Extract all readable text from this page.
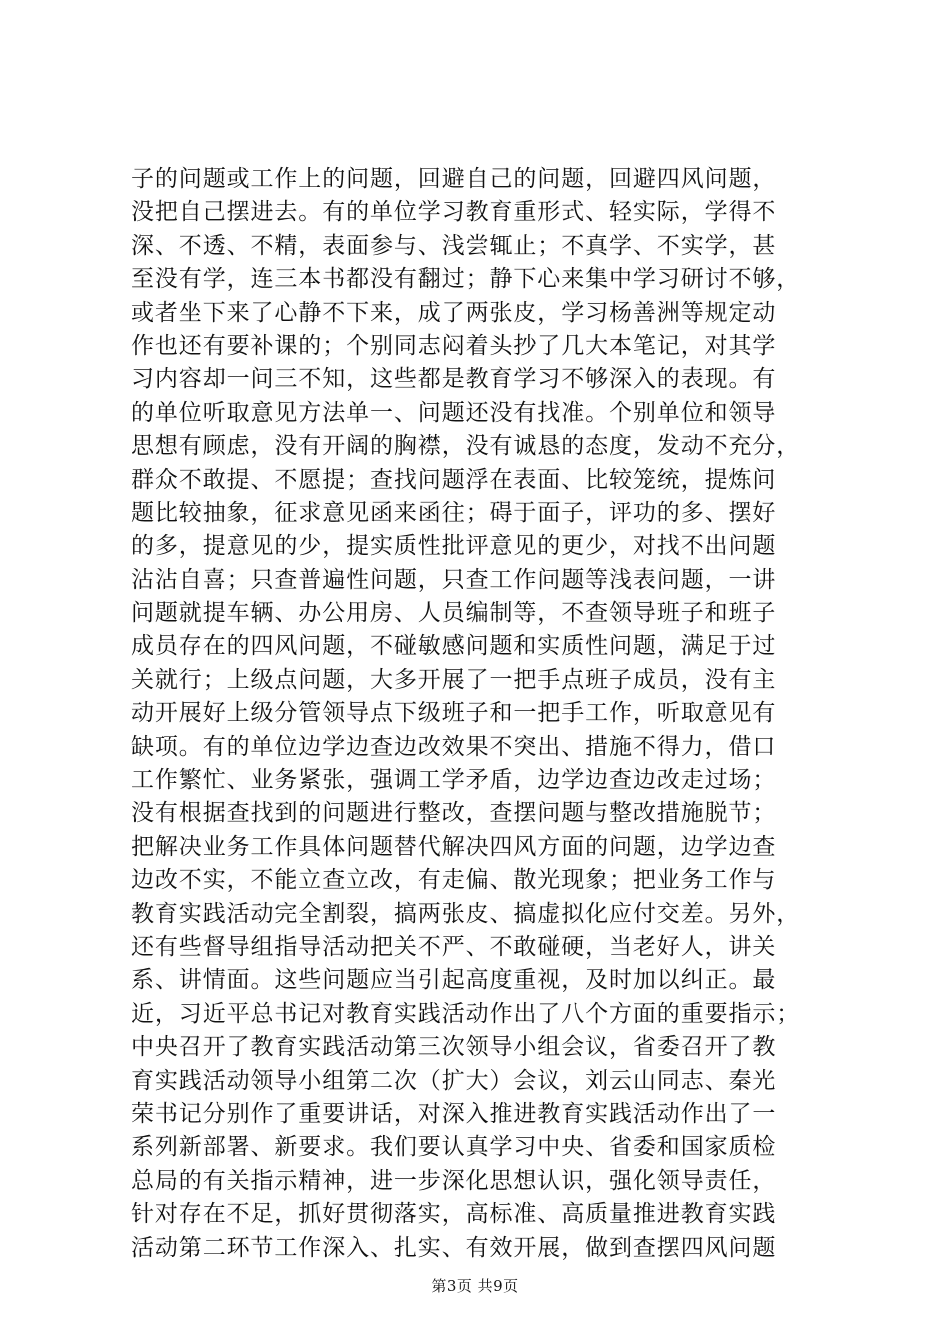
子的问题或工作上的问题，回避自己的问题，回避四风问题，
没把自己摆进去。有的单位学习教育重形式、轻实际，学得不
深、不透、不精，表面参与、浅尝辄止；不真学、不实学，甚
至没有学，连三本书都没有翻过；静下心来集中学习研讨不够，
或者坐下来了心静不下来，成了两张皮，学习杨善洲等规定动
作也还有要补课的；个别同志闷着头抄了几大本笔记，对其学
习内容却一问三不知，这些都是教育学习不够深入的表现。有
的单位听取意见方法单一、问题还没有找准。个别单位和领导
思想有顾虑，没有开阔的胸襟，没有诚恳的态度，发动不充分，
群众不敢提、不愿提；查找问题浮在表面、比较笼统，提炼问
题比较抽象，征求意见函来函往；碍于面子，评功的多、摆好
的多，提意见的少，提实质性批评意见的更少，对找不出问题
沾沾自喜；只查普遍性问题，只查工作问题等浅表问题，一讲
问题就提车辆、办公用房、人员编制等，不查领导班子和班子
成员存在的四风问题，不碰敏感问题和实质性问题，满足于过
关就行；上级点问题，大多开展了一把手点班子成员，没有主
动开展好上级分管领导点下级班子和一把手工作，听取意见有
缺项。有的单位边学边查边改效果不突出、措施不得力，借口
工作繁忙、业务紧张，强调工学矛盾，边学边查边改走过场；
没有根据查找到的问题进行整改，查摆问题与整改措施脱节；
把解决业务工作具体问题替代解决四风方面的问题，边学边查
边改不实，不能立查立改，有走偏、散光现象；把业务工作与
教育实践活动完全割裂，搞两张皮、搞虚拟化应付交差。另外，
还有些督导组指导活动把关不严、不敢碰硬，当老好人，讲关
系、讲情面。这些问题应当引起高度重视，及时加以纠正。最
近，习近平总书记对教育实践活动作出了八个方面的重要指示；
中央召开了教育实践活动第三次领导小组会议，省委召开了教
育实践活动领导小组第二次（扩大）会议，刘云山同志、秦光
荣书记分别作了重要讲话，对深入推进教育实践活动作出了一
系列新部署、新要求。我们要认真学习中央、省委和国家质检
总局的有关指示精神，进一步深化思想认识，强化领导责任，
针对存在不足，抓好贯彻落实，高标准、高质量推进教育实践
活动第二环节工作深入、扎实、有效开展，做到查摆四风问题
第3页 共9页
